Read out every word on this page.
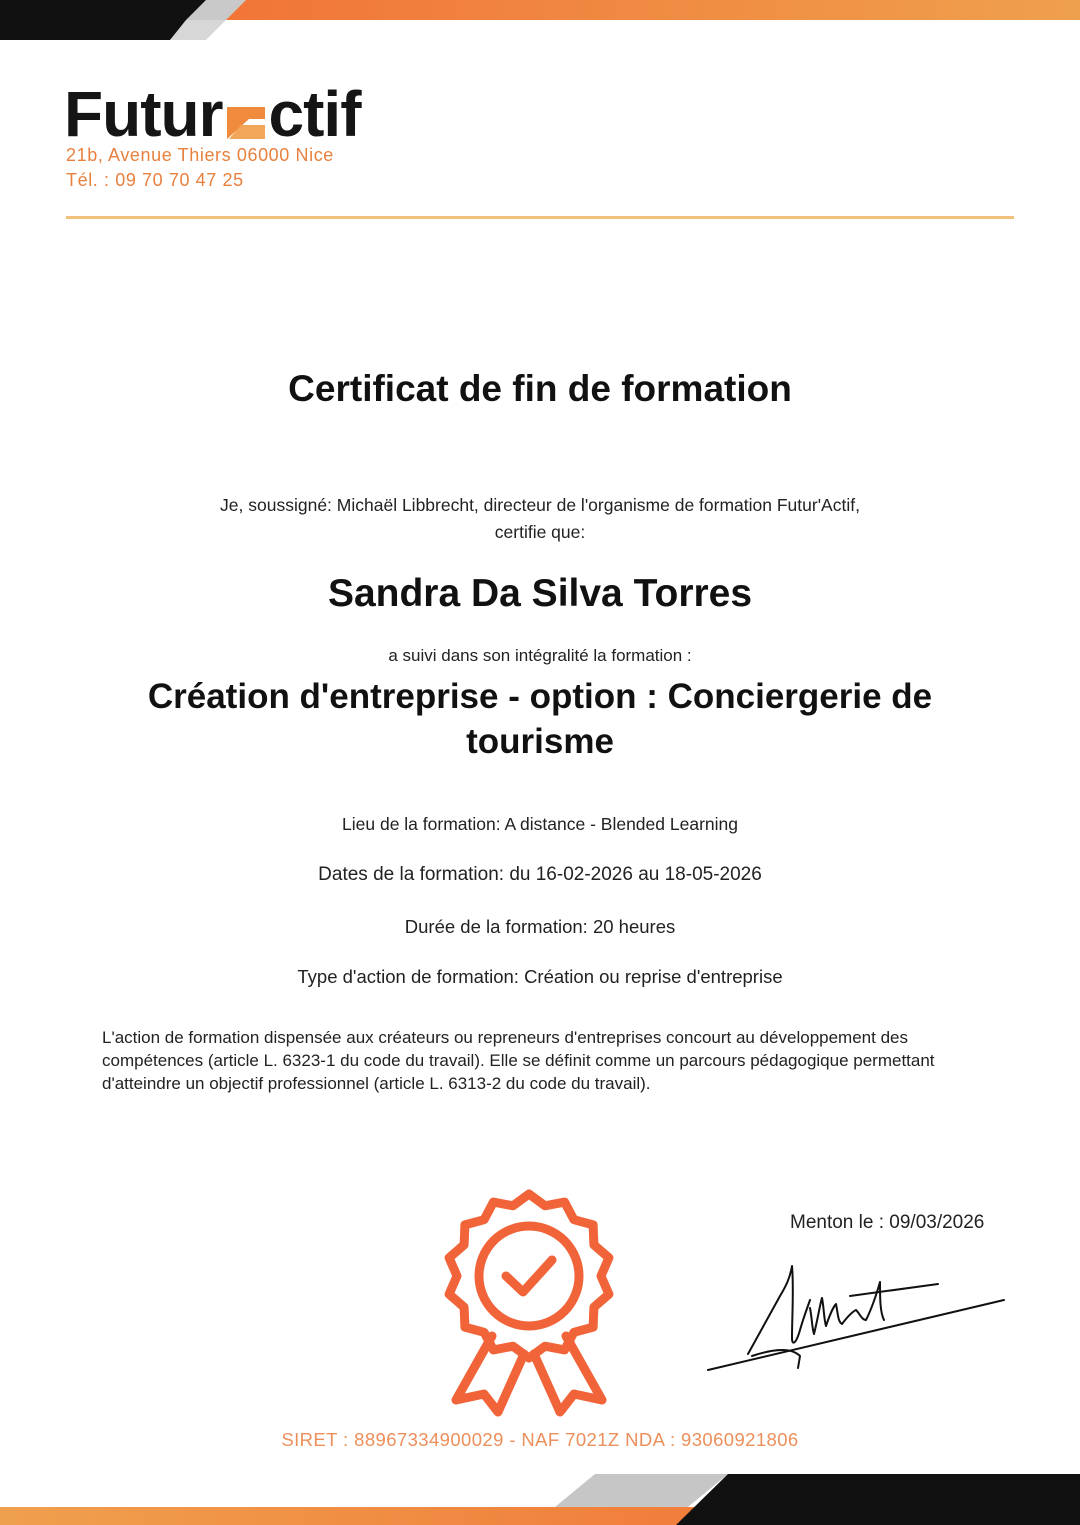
Futur ctif
21b, Avenue Thiers 06000 Nice
Tél. : 09 70 70 47 25
Certificat de fin de formation
Je, soussigné: Michaël Libbrecht, directeur de l'organisme de formation Futur'Actif,
certifie que:
Sandra Da Silva Torres
a suivi dans son intégralité la formation :
Création d'entreprise - option : Conciergerie de
tourisme
Lieu de la formation: A distance - Blended Learning
Dates de la formation: du 16-02-2026 au 18-05-2026
Durée de la formation: 20 heures
Type d'action de formation: Création ou reprise d'entreprise
L'action de formation dispensée aux créateurs ou repreneurs d'entreprises concourt au développement des compétences (article L. 6323-1 du code du travail). Elle se définit comme un parcours pédagogique permettant d'atteindre un objectif professionnel (article L. 6313-2 du code du travail).
Menton le : 09/03/2026
SIRET : 88967334900029 - NAF 7021Z NDA : 93060921806
